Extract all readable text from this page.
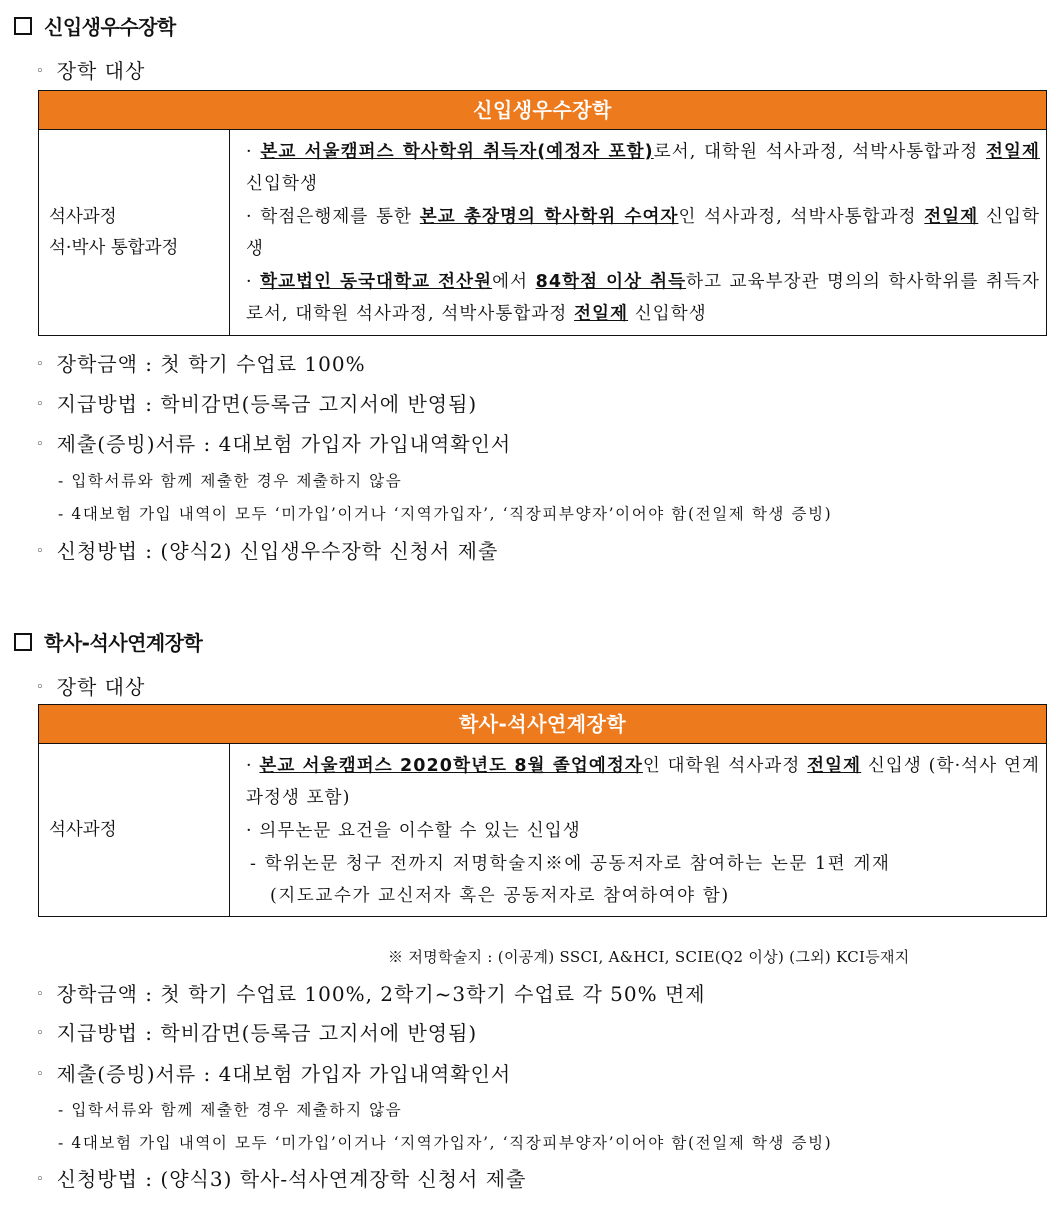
신입생우수장학
◦ 장학 대상
신입생우수장학
석사과정
석·박사 통합과정
· 본교 서울캠퍼스 학사학위 취득자(예정자 포함)로서, 대학원 석사과정, 석박사통합과정 전일제 신입학생
· 학점은행제를 통한 본교 총장명의 학사학위 수여자인 석사과정, 석박사통합과정 전일제 신입학생
· 학교법인 동국대학교 전산원에서 84학점 이상 취득하고 교육부장관 명의의 학사학위를 취득자로서, 대학원 석사과정, 석박사통합과정 전일제 신입학생
◦ 장학금액 : 첫 학기 수업료 100%
◦ 지급방법 : 학비감면(등록금 고지서에 반영됨)
◦ 제출(증빙)서류 : 4대보험 가입자 가입내역확인서
- 입학서류와 함께 제출한 경우 제출하지 않음
- 4대보험 가입 내역이 모두 ‘미가입’이거나 ‘지역가입자’, ‘직장피부양자’이어야 함(전일제 학생 증빙)
◦ 신청방법 : (양식2) 신입생우수장학 신청서 제출
학사-석사연계장학
◦ 장학 대상
학사-석사연계장학
석사과정
· 본교 서울캠퍼스 2020학년도 8월 졸업예정자인 대학원 석사과정 전일제 신입생 (학·석사 연계과정생 포함)
· 의무논문 요건을 이수할 수 있는 신입생
- 학위논문 청구 전까지 저명학술지※에 공동저자로 참여하는 논문 1편 게재
(지도교수가 교신저자 혹은 공동저자로 참여하여야 함)
※ 저명학술지 : (이공계) SSCI, A&HCI, SCIE(Q2 이상) (그외) KCI등재지
◦ 장학금액 : 첫 학기 수업료 100%, 2학기~3학기 수업료 각 50% 면제
◦ 지급방법 : 학비감면(등록금 고지서에 반영됨)
◦ 제출(증빙)서류 : 4대보험 가입자 가입내역확인서
- 입학서류와 함께 제출한 경우 제출하지 않음
- 4대보험 가입 내역이 모두 ‘미가입’이거나 ‘지역가입자’, ‘직장피부양자’이어야 함(전일제 학생 증빙)
◦ 신청방법 : (양식3) 학사-석사연계장학 신청서 제출
